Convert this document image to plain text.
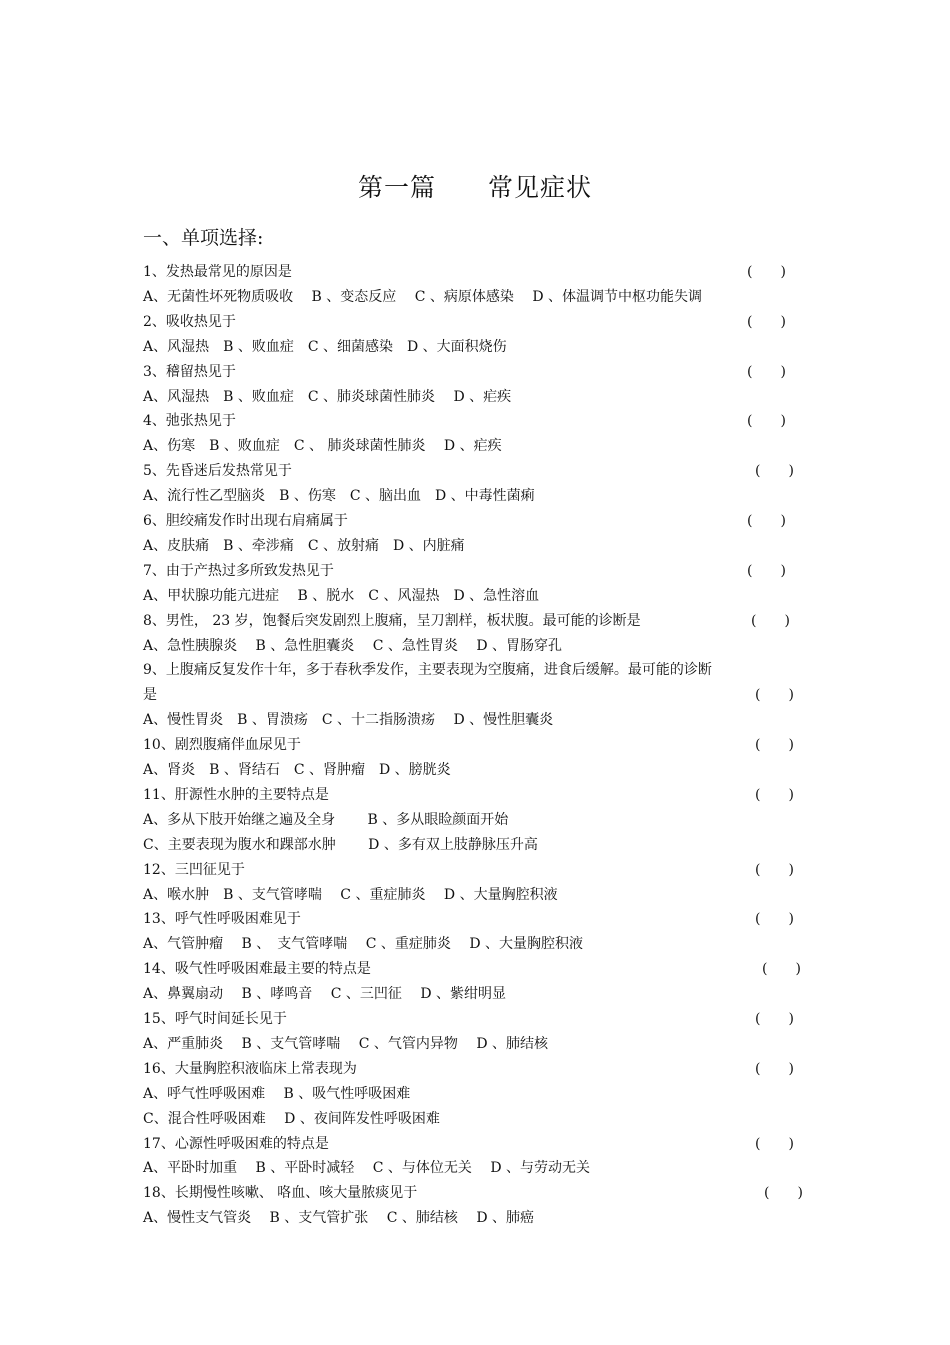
第一篇　　常见症状
一、单项选择:
1、发热最常见的原因是	(　　)
A、无菌性坏死物质吸收　 B 、变态反应　 C 、病原体感染　 D 、体温调节中枢功能失调
2、吸收热见于	(　　)
A、风湿热　B 、败血症　C 、细菌感染　D 、大面积烧伤
3、稽留热见于	(　　)
A、风湿热　B 、败血症　C 、肺炎球菌性肺炎　 D 、疟疾
4、弛张热见于	(　　)
A、伤寒　B 、败血症　C 、 肺炎球菌性肺炎　 D 、疟疾
5、先昏迷后发热常见于	(　　)
A、流行性乙型脑炎　B 、伤寒　C 、脑出血　D 、中毒性菌痢
6、胆绞痛发作时出现右肩痛属于	(　　)
A、皮肤痛　B 、牵涉痛　C 、放射痛　D 、内脏痛
7、由于产热过多所致发热见于	(　　)
A、甲状腺功能亢进症　 B 、脱水　C 、风湿热　D 、急性溶血
8、男性， 23 岁，饱餐后突发剧烈上腹痛，呈刀割样，板状腹。最可能的诊断是	(　　)
A、急性胰腺炎　 B 、急性胆囊炎　 C 、急性胃炎　 D 、胃肠穿孔
9、上腹痛反复发作十年，多于春秋季发作，主要表现为空腹痛，进食后缓解。最可能的诊断
是	(　　)
A、慢性胃炎　B 、胃溃疡　C 、十二指肠溃疡　 D 、慢性胆囊炎
10、剧烈腹痛伴血尿见于	(　　)
A、肾炎　B 、肾结石　C 、肾肿瘤　D 、膀胱炎
11、肝源性水肿的主要特点是	(　　)
A、多从下肢开始继之遍及全身　　 B 、多从眼睑颜面开始
C、主要表现为腹水和踝部水肿　　 D 、多有双上肢静脉压升高
12、三凹征见于	(　　)
A、喉水肿　B 、支气管哮喘　 C 、重症肺炎　 D 、大量胸腔积液
13、呼气性呼吸困难见于	(　　)
A、气管肿瘤　 B 、　支气管哮喘　 C 、重症肺炎　 D 、大量胸腔积液
14、吸气性呼吸困难最主要的特点是	(　　)
A、鼻翼扇动　 B 、哮鸣音　 C 、三凹征　 D 、紫绀明显
15、呼气时间延长见于	(　　)
A、严重肺炎　 B 、支气管哮喘　 C 、气管内异物　 D 、肺结核
16、大量胸腔积液临床上常表现为	(　　)
A、呼气性呼吸困难　 B 、吸气性呼吸困难
C、混合性呼吸困难　 D 、夜间阵发性呼吸困难
17、心源性呼吸困难的特点是	(　　)
A、平卧时加重　 B 、平卧时减轻　 C 、与体位无关　 D 、与劳动无关
18、长期慢性咳嗽、 咯血、咳大量脓痰见于	(　　)
A、慢性支气管炎　 B 、支气管扩张　 C 、肺结核　 D 、肺癌
